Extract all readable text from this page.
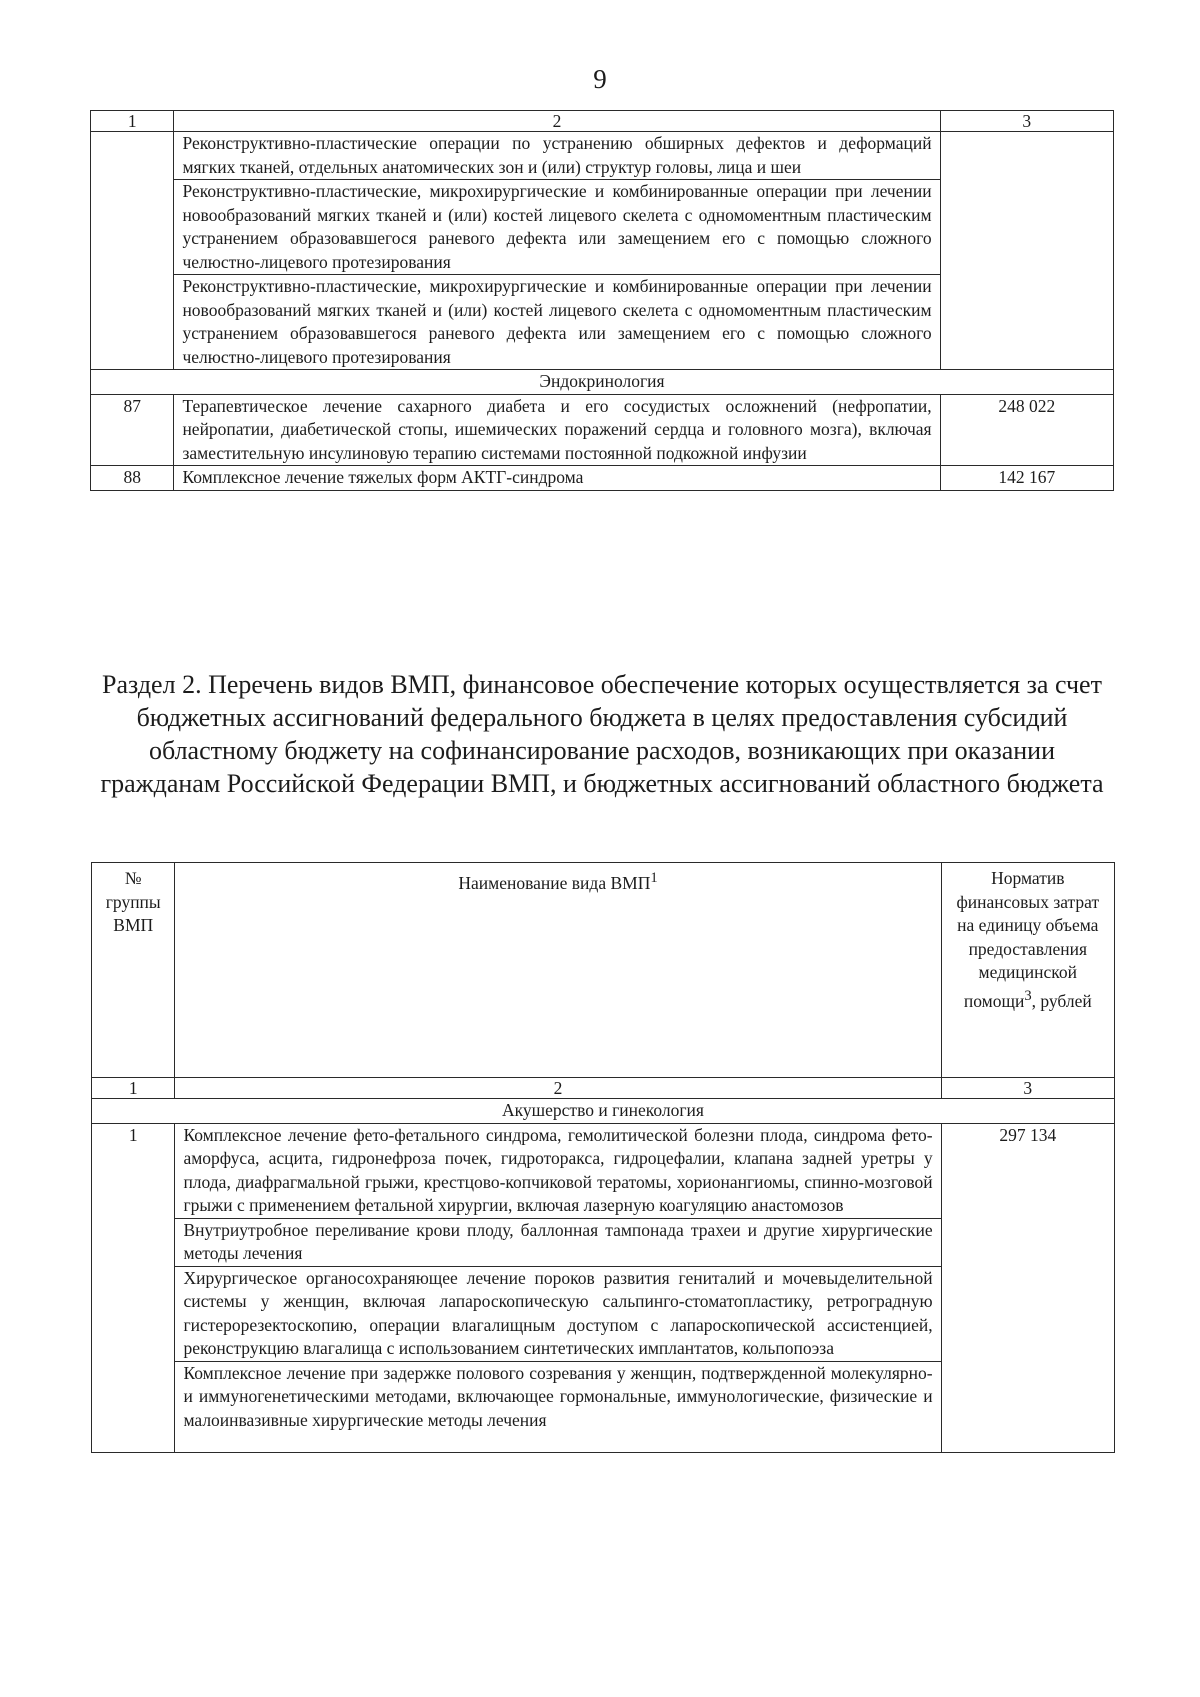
9
1	2	3
	Реконструктивно-пластические операции по устранению обширных дефектов и деформаций мягких тканей, отдельных анатомических зон и (или) структур головы, лица и шеи	
	Реконструктивно-пластические, микрохирургические и комбинированные операции при лечении новообразований мягких тканей и (или) костей лицевого скелета с одномоментным пластическим устранением образовавшегося раневого дефекта или замещением его с помощью сложного челюстно-лицевого протезирования	
	Реконструктивно-пластические, микрохирургические и комбинированные операции при лечении новообразований мягких тканей и (или) костей лицевого скелета с одномоментным пластическим устранением образовавшегося раневого дефекта или замещением его с помощью сложного челюстно-лицевого протезирования	
Эндокринология		
87	Терапевтическое лечение сахарного диабета и его сосудистых осложнений (нефропатии, нейропатии, диабетической стопы, ишемических поражений сердца и головного мозга), включая заместительную инсулиновую терапию системами постоянной подкожной инфузии	248 022
88	Комплексное лечение тяжелых форм АКТГ-синдрома	142 167
Раздел 2. Перечень видов ВМП, финансовое обеспечение которых осуществляется за счет бюджетных ассигнований федерального бюджета в целях предоставления субсидий областному бюджету на софинансирование расходов, возникающих при оказании гражданам Российской Федерации ВМП, и бюджетных ассигнований областного бюджета
№ группы ВМП	Наименование вида ВМП$^1$	Норматив финансовых затрат на единицу объема предоставления медицинской помощи$^3$, рублей
1	2	3
Акушерство и гинекология		
1	Комплексное лечение фето-фетального синдрома, гемолитической болезни плода, синдрома фето-аморфуса, асцита, гидронефроза почек, гидроторакса, гидроцефалии, клапана задней уретры у плода, диафрагмальной грыжи, крестцово-копчиковой тератомы, хорионангиомы, спинно-мозговой грыжи с применением фетальной хирургии, включая лазерную коагуляцию анастомозов	297 134
	Внутриутробное переливание крови плоду, баллонная тампонада трахеи и другие хирургические методы лечения	
	Хирургическое органосохраняющее лечение пороков развития гениталий и мочевыделительной системы у женщин, включая лапароскопическую сальпинго-стоматопластику, ретроградную гистерорезектоскопию, операции влагалищным доступом с лапароскопической ассистенцией, реконструкцию влагалища с использованием синтетических имплантатов, кольпопоэза	
	Комплексное лечение при задержке полового созревания у женщин, подтвержденной молекулярно- и иммуногенетическими методами, включающее гормональные, иммунологические, физические и малоинвазивные хирургические методы лечения	
